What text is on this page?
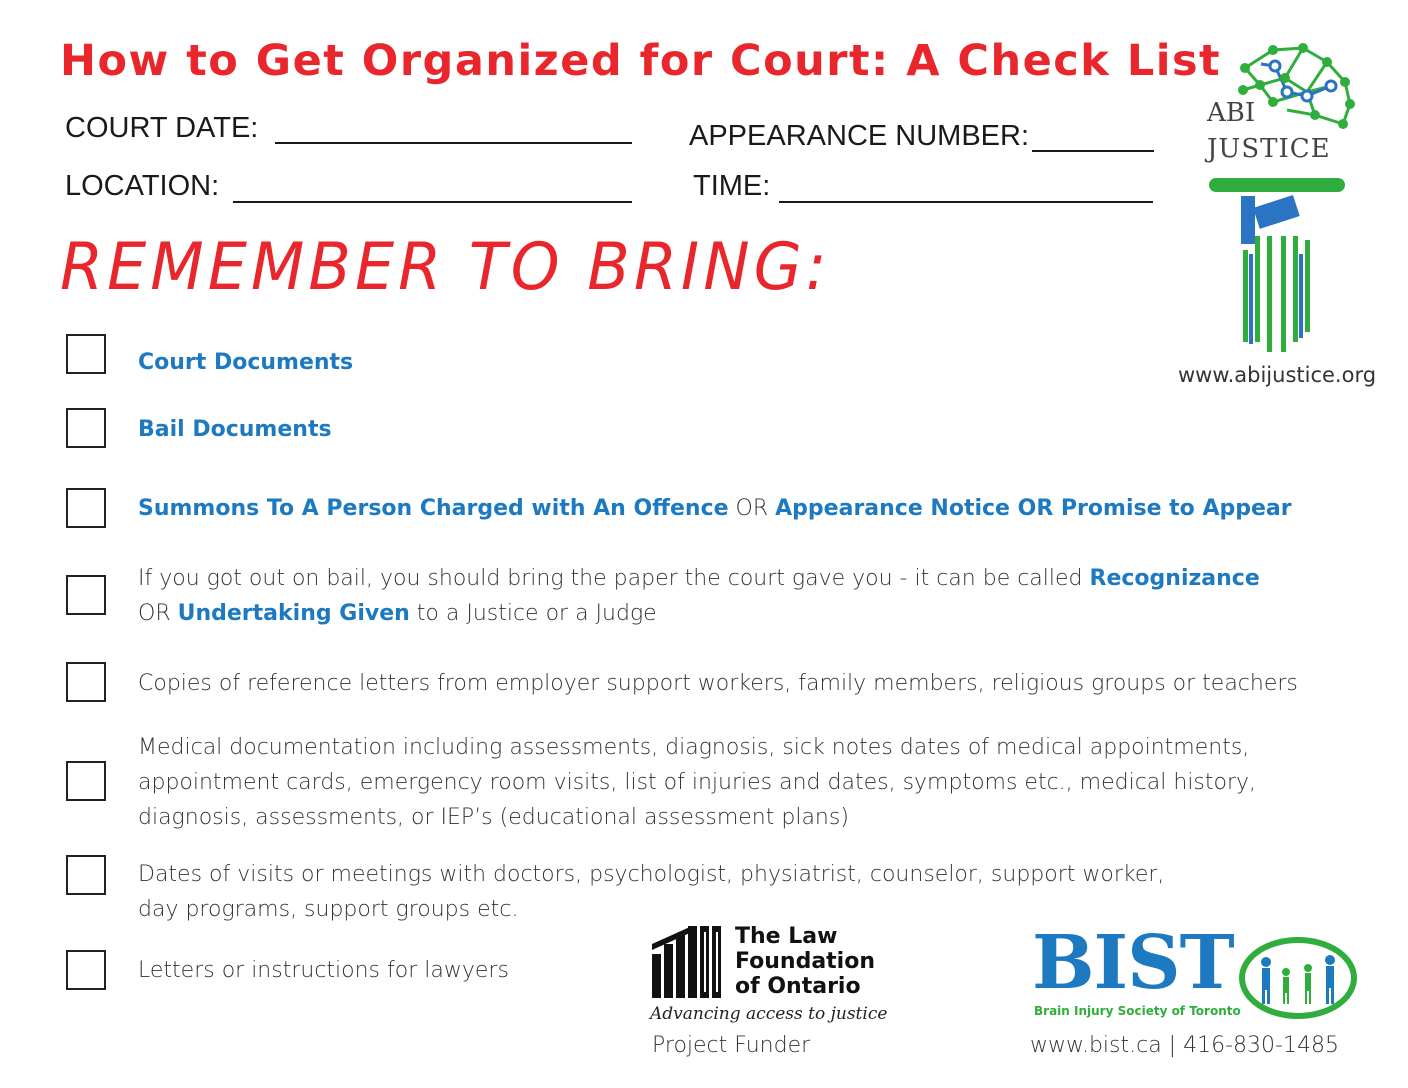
How to Get Organized for Court: A Check List
COURT DATE:	APPEARANCE NUMBER:
LOCATION:	TIME:
REMEMBER TO BRING:
Court Documents
Bail Documents
Summons To A Person Charged with An Offence OR Appearance Notice OR Promise to Appear
If you got out on bail, you should bring the paper the court gave you - it can be called Recognizance
OR Undertaking Given to a Justice or a Judge
Copies of reference letters from employer support workers, family members, religious groups or teachers
Medical documentation including assessments, diagnosis, sick notes dates of medical appointments,
appointment cards, emergency room visits, list of injuries and dates, symptoms etc., medical history,
diagnosis, assessments, or IEP’s (educational assessment plans)
Dates of visits or meetings with doctors, psychologist, physiatrist, counselor, support worker,
day programs, support groups etc.
Letters or instructions for lawyers
ABI
JUSTICE
www.abijustice.org
The Law
Foundation
of Ontario
Advancing access to justice
Project Funder
BIST
Brain Injury Society of Toronto
www.bist.ca | 416-830-1485
